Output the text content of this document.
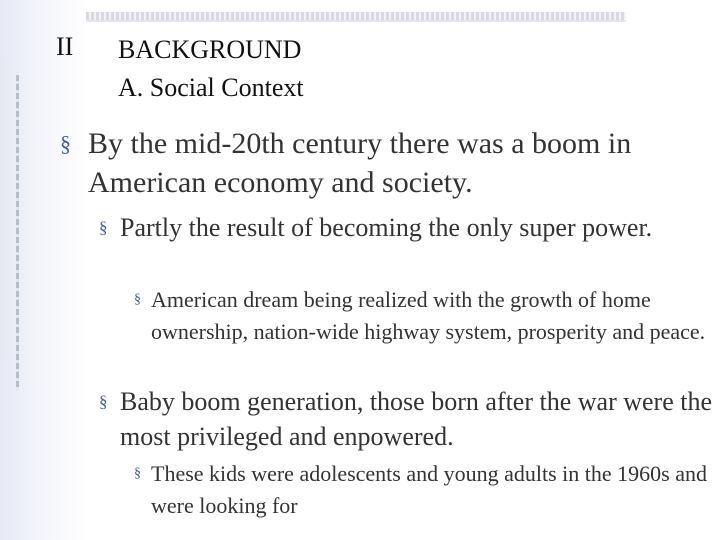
II BACKGROUND
A. Social Context

§ By the mid-20th century there was a boom in American economy and society.

§ Partly the result of becoming the only super power.

§ American dream being realized with the growth of home ownership, nation-wide highway system, prosperity and peace.

§ Baby boom generation, those born after the war were the most privileged and enpowered.

§ These kids were adolescents and young adults in the 1960s and were looking for
